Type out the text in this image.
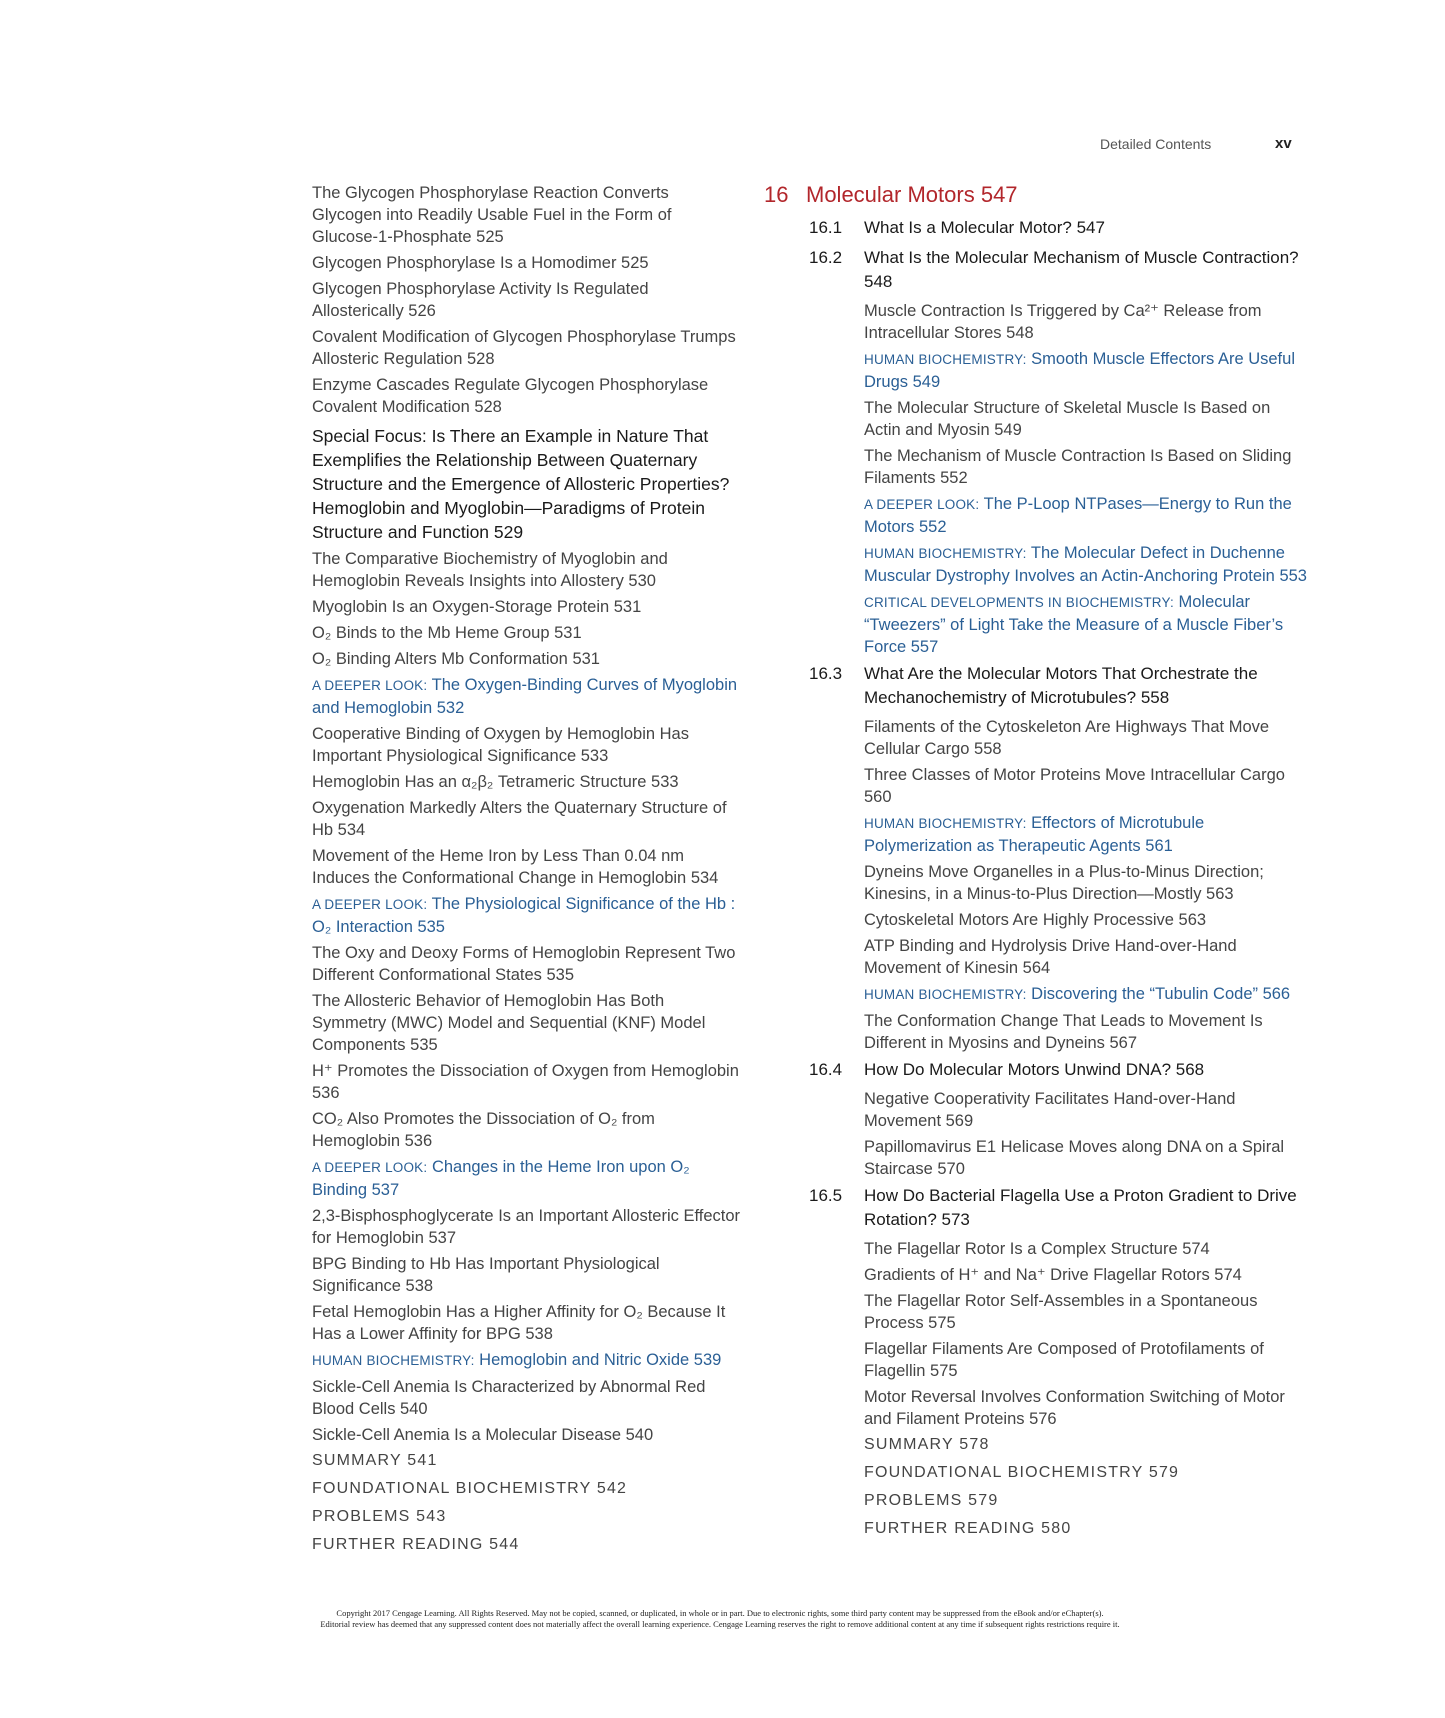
Detailed Contents	xv
The Glycogen Phosphorylase Reaction Converts Glycogen into Readily Usable Fuel in the Form of Glucose-1-Phosphate 525
Glycogen Phosphorylase Is a Homodimer 525
Glycogen Phosphorylase Activity Is Regulated Allosterically 526
Covalent Modification of Glycogen Phosphorylase Trumps Allosteric Regulation 528
Enzyme Cascades Regulate Glycogen Phosphorylase Covalent Modification 528
Special Focus: Is There an Example in Nature That Exemplifies the Relationship Between Quaternary Structure and the Emergence of Allosteric Properties? Hemoglobin and Myoglobin—Paradigms of Protein Structure and Function 529
The Comparative Biochemistry of Myoglobin and Hemoglobin Reveals Insights into Allostery 530
Myoglobin Is an Oxygen-Storage Protein 531
O₂ Binds to the Mb Heme Group 531
O₂ Binding Alters Mb Conformation 531
A DEEPER LOOK: The Oxygen-Binding Curves of Myoglobin and Hemoglobin 532
Cooperative Binding of Oxygen by Hemoglobin Has Important Physiological Significance 533
Hemoglobin Has an α₂β₂ Tetrameric Structure 533
Oxygenation Markedly Alters the Quaternary Structure of Hb 534
Movement of the Heme Iron by Less Than 0.04 nm Induces the Conformational Change in Hemoglobin 534
A DEEPER LOOK: The Physiological Significance of the Hb : O₂ Interaction 535
The Oxy and Deoxy Forms of Hemoglobin Represent Two Different Conformational States 535
The Allosteric Behavior of Hemoglobin Has Both Symmetry (MWC) Model and Sequential (KNF) Model Components 535
H⁺ Promotes the Dissociation of Oxygen from Hemoglobin 536
CO₂ Also Promotes the Dissociation of O₂ from Hemoglobin 536
A DEEPER LOOK: Changes in the Heme Iron upon O₂ Binding 537
2,3-Bisphosphoglycerate Is an Important Allosteric Effector for Hemoglobin 537
BPG Binding to Hb Has Important Physiological Significance 538
Fetal Hemoglobin Has a Higher Affinity for O₂ Because It Has a Lower Affinity for BPG 538
HUMAN BIOCHEMISTRY: Hemoglobin and Nitric Oxide 539
Sickle-Cell Anemia Is Characterized by Abnormal Red Blood Cells 540
Sickle-Cell Anemia Is a Molecular Disease 540
SUMMARY 541
FOUNDATIONAL BIOCHEMISTRY 542
PROBLEMS 543
FURTHER READING 544
16 Molecular Motors 547
16.1 What Is a Molecular Motor? 547
16.2 What Is the Molecular Mechanism of Muscle Contraction? 548
Muscle Contraction Is Triggered by Ca²⁺ Release from Intracellular Stores 548
HUMAN BIOCHEMISTRY: Smooth Muscle Effectors Are Useful Drugs 549
The Molecular Structure of Skeletal Muscle Is Based on Actin and Myosin 549
The Mechanism of Muscle Contraction Is Based on Sliding Filaments 552
A DEEPER LOOK: The P-Loop NTPases—Energy to Run the Motors 552
HUMAN BIOCHEMISTRY: The Molecular Defect in Duchenne Muscular Dystrophy Involves an Actin-Anchoring Protein 553
CRITICAL DEVELOPMENTS IN BIOCHEMISTRY: Molecular “Tweezers” of Light Take the Measure of a Muscle Fiber’s Force 557
16.3 What Are the Molecular Motors That Orchestrate the Mechanochemistry of Microtubules? 558
Filaments of the Cytoskeleton Are Highways That Move Cellular Cargo 558
Three Classes of Motor Proteins Move Intracellular Cargo 560
HUMAN BIOCHEMISTRY: Effectors of Microtubule Polymerization as Therapeutic Agents 561
Dyneins Move Organelles in a Plus-to-Minus Direction; Kinesins, in a Minus-to-Plus Direction—Mostly 563
Cytoskeletal Motors Are Highly Processive 563
ATP Binding and Hydrolysis Drive Hand-over-Hand Movement of Kinesin 564
HUMAN BIOCHEMISTRY: Discovering the “Tubulin Code” 566
The Conformation Change That Leads to Movement Is Different in Myosins and Dyneins 567
16.4 How Do Molecular Motors Unwind DNA? 568
Negative Cooperativity Facilitates Hand-over-Hand Movement 569
Papillomavirus E1 Helicase Moves along DNA on a Spiral Staircase 570
16.5 How Do Bacterial Flagella Use a Proton Gradient to Drive Rotation? 573
The Flagellar Rotor Is a Complex Structure 574
Gradients of H⁺ and Na⁺ Drive Flagellar Rotors 574
The Flagellar Rotor Self-Assembles in a Spontaneous Process 575
Flagellar Filaments Are Composed of Protofilaments of Flagellin 575
Motor Reversal Involves Conformation Switching of Motor and Filament Proteins 576
SUMMARY 578
FOUNDATIONAL BIOCHEMISTRY 579
PROBLEMS 579
FURTHER READING 580
Copyright 2017 Cengage Learning. All Rights Reserved. May not be copied, scanned, or duplicated, in whole or in part. Due to electronic rights, some third party content may be suppressed from the eBook and/or eChapter(s).
Editorial review has deemed that any suppressed content does not materially affect the overall learning experience. Cengage Learning reserves the right to remove additional content at any time if subsequent rights restrictions require it.
